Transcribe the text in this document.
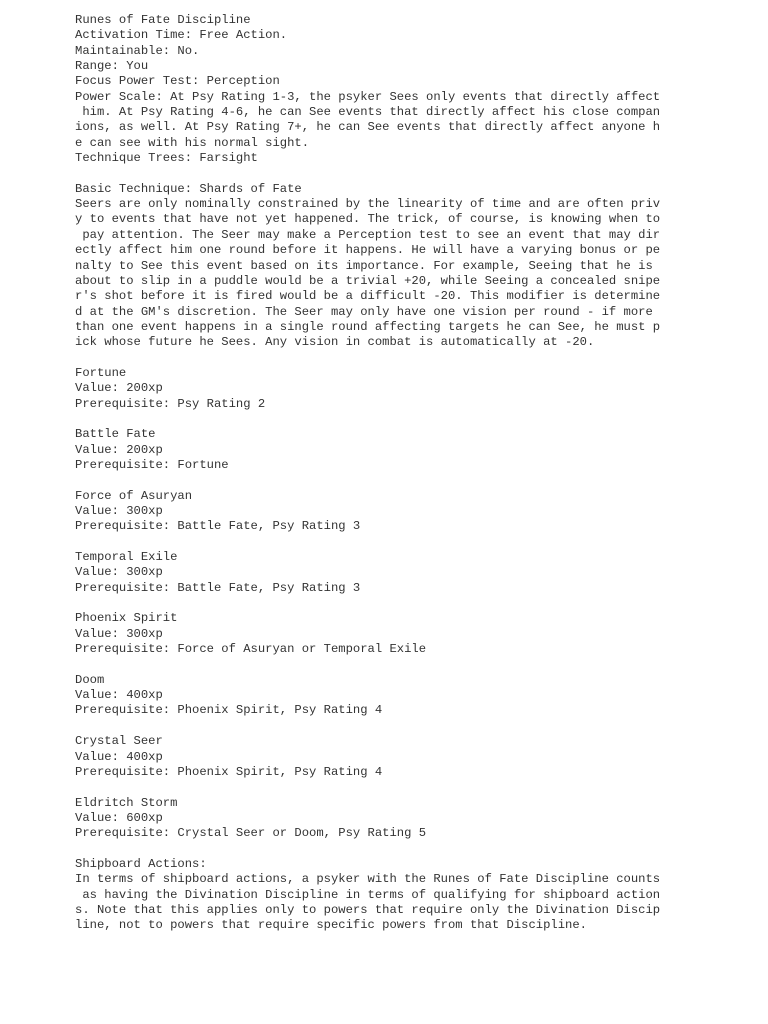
Runes of Fate Discipline
Activation Time: Free Action.
Maintainable: No.
Range: You
Focus Power Test: Perception
Power Scale: At Psy Rating 1-3, the psyker Sees only events that directly affect
him. At Psy Rating 4-6, he can See events that directly affect his close compan
ions, as well. At Psy Rating 7+, he can See events that directly affect anyone h
e can see with his normal sight.
Technique Trees: Farsight
Basic Technique: Shards of Fate
Seers are only nominally constrained by the linearity of time and are often priv
y to events that have not yet happened. The trick, of course, is knowing when to
pay attention. The Seer may make a Perception test to see an event that may dir
ectly affect him one round before it happens. He will have a varying bonus or pe
nalty to See this event based on its importance. For example, Seeing that he is
about to slip in a puddle would be a trivial +20, while Seeing a concealed snipe
r's shot before it is fired would be a difficult -20. This modifier is determine
d at the GM's discretion. The Seer may only have one vision per round - if more
than one event happens in a single round affecting targets he can See, he must p
ick whose future he Sees. Any vision in combat is automatically at -20.
Fortune
Value: 200xp
Prerequisite: Psy Rating 2
Battle Fate
Value: 200xp
Prerequisite: Fortune
Force of Asuryan
Value: 300xp
Prerequisite: Battle Fate, Psy Rating 3
Temporal Exile
Value: 300xp
Prerequisite: Battle Fate, Psy Rating 3
Phoenix Spirit
Value: 300xp
Prerequisite: Force of Asuryan or Temporal Exile
Doom
Value: 400xp
Prerequisite: Phoenix Spirit, Psy Rating 4
Crystal Seer
Value: 400xp
Prerequisite: Phoenix Spirit, Psy Rating 4
Eldritch Storm
Value: 600xp
Prerequisite: Crystal Seer or Doom, Psy Rating 5
Shipboard Actions:
In terms of shipboard actions, a psyker with the Runes of Fate Discipline counts
as having the Divination Discipline in terms of qualifying for shipboard action
s. Note that this applies only to powers that require only the Divination Discip
line, not to powers that require specific powers from that Discipline.
